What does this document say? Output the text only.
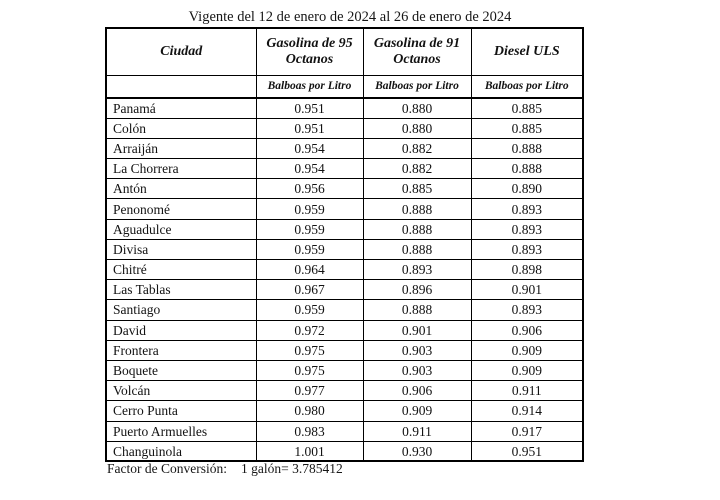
Vigente del 12 de enero de 2024 al 26 de enero de 2024
Ciudad	Gasolina de 95 Octanos	Gasolina de 91 Octanos	Diesel ULS
	Balboas por Litro	Balboas por Litro	Balboas por Litro
Panamá	0.951	0.880	0.885
Colón	0.951	0.880	0.885
Arraiján	0.954	0.882	0.888
La Chorrera	0.954	0.882	0.888
Antón	0.956	0.885	0.890
Penonomé	0.959	0.888	0.893
Aguadulce	0.959	0.888	0.893
Divisa	0.959	0.888	0.893
Chitré	0.964	0.893	0.898
Las Tablas	0.967	0.896	0.901
Santiago	0.959	0.888	0.893
David	0.972	0.901	0.906
Frontera	0.975	0.903	0.909
Boquete	0.975	0.903	0.909
Volcán	0.977	0.906	0.911
Cerro Punta	0.980	0.909	0.914
Puerto Armuelles	0.983	0.911	0.917
Changuinola	1.001	0.930	0.951
Factor de Conversión: 1 galón= 3.785412
